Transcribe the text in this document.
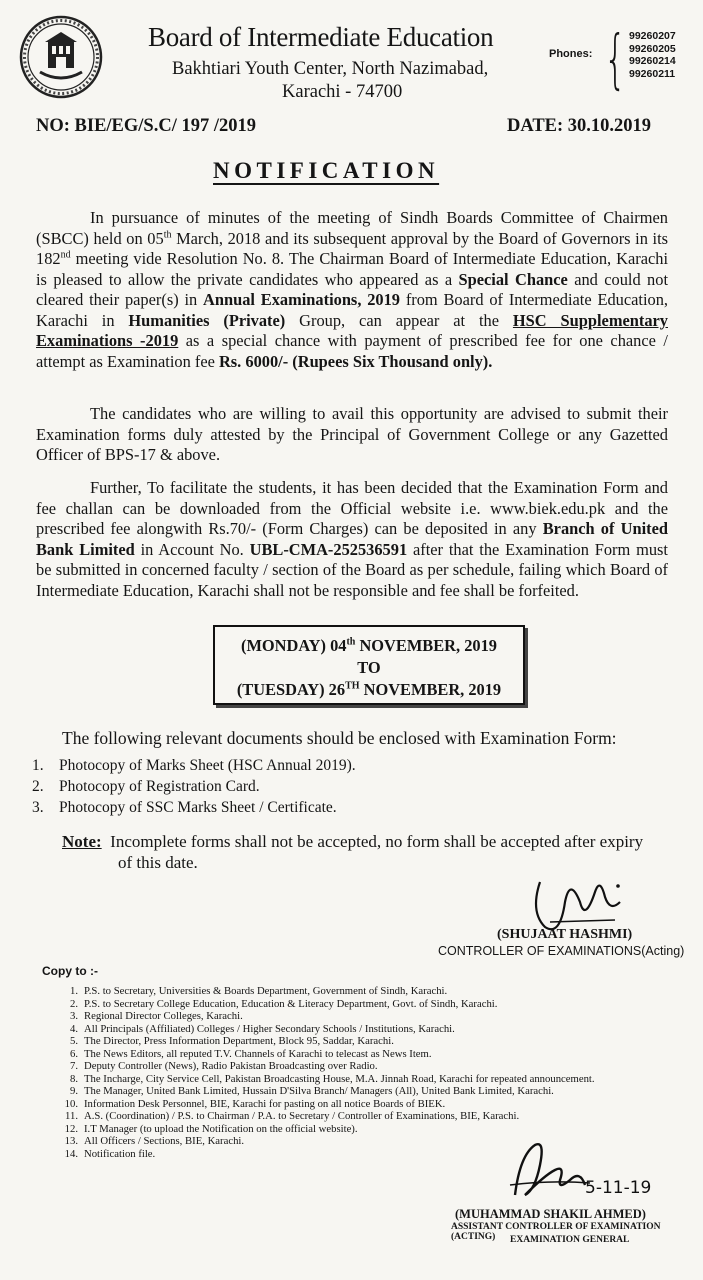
Board of Intermediate Education
Bakhtiari Youth Center, North Nazimabad,
Karachi - 74700
Phones: { 99260207
99260205
99260214
99260211
NO: BIE/EG/S.C/ 197 /2019	DATE: 30.10.2019
NOTIFICATION
In pursuance of minutes of the meeting of Sindh Boards Committee of Chairmen (SBCC) held on 05th March, 2018 and its subsequent approval by the Board of Governors in its 182nd meeting vide Resolution No. 8. The Chairman Board of Intermediate Education, Karachi is pleased to allow the private candidates who appeared as a Special Chance and could not cleared their paper(s) in Annual Examinations, 2019 from Board of Intermediate Education, Karachi in Humanities (Private) Group, can appear at the HSC Supplementary Examinations -2019 as a special chance with payment of prescribed fee for one chance / attempt as Examination fee Rs. 6000/- (Rupees Six Thousand only).
The candidates who are willing to avail this opportunity are advised to submit their Examination forms duly attested by the Principal of Government College or any Gazetted Officer of BPS-17 & above.
Further, To facilitate the students, it has been decided that the Examination Form and fee challan can be downloaded from the Official website i.e. www.biek.edu.pk and the prescribed fee alongwith Rs.70/- (Form Charges) can be deposited in any Branch of United Bank Limited in Account No. UBL-CMA-252536591 after that the Examination Form must be submitted in concerned faculty / section of the Board as per schedule, failing which Board of Intermediate Education, Karachi shall not be responsible and fee shall be forfeited.
(MONDAY) 04th NOVEMBER, 2019
TO
(TUESDAY) 26TH NOVEMBER, 2019
The following relevant documents should be enclosed with Examination Form:
1. Photocopy of Marks Sheet (HSC Annual 2019).
2. Photocopy of Registration Card.
3. Photocopy of SSC Marks Sheet / Certificate.
Note: Incomplete forms shall not be accepted, no form shall be accepted after expiry
of this date.
(SHUJAAT HASHMI)
CONTROLLER OF EXAMINATIONS(Acting)
Copy to :-
1. P.S. to Secretary, Universities & Boards Department, Government of Sindh, Karachi.
2. P.S. to Secretary College Education, Education & Literacy Department, Govt. of Sindh, Karachi.
3. Regional Director Colleges, Karachi.
4. All Principals (Affiliated) Colleges / Higher Secondary Schools / Institutions, Karachi.
5. The Director, Press Information Department, Block 95, Saddar, Karachi.
6. The News Editors, all reputed T.V. Channels of Karachi to telecast as News Item.
7. Deputy Controller (News), Radio Pakistan Broadcasting over Radio.
8. The Incharge, City Service Cell, Pakistan Broadcasting House, M.A. Jinnah Road, Karachi for repeated announcement.
9. The Manager, United Bank Limited, Hussain D'Silva Branch/ Managers (All), United Bank Limited, Karachi.
10. Information Desk Personnel, BIE, Karachi for pasting on all notice Boards of BIEK.
11. A.S. (Coordination) / P.S. to Chairman / P.A. to Secretary / Controller of Examinations, BIE, Karachi.
12. I.T Manager (to upload the Notification on the official website).
13. All Officers / Sections, BIE, Karachi.
14. Notification file.
5-11-19
(MUHAMMAD SHAKIL AHMED)
ASSISTANT CONTROLLER OF EXAMINATION (ACTING)	EXAMINATION GENERAL
